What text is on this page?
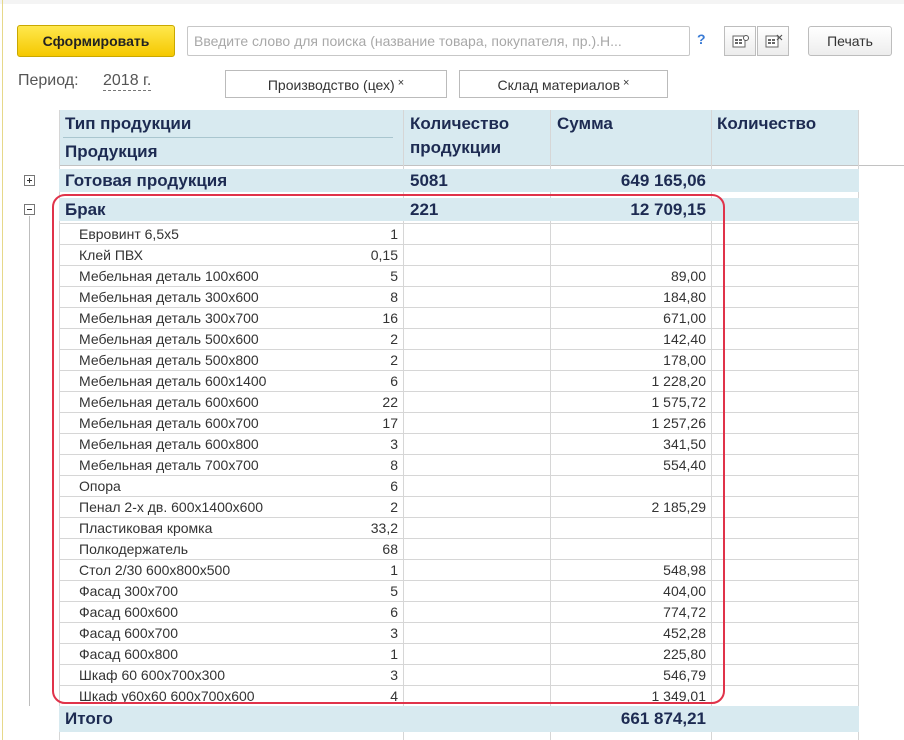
Сформировать
Введите слово для поиска (название товара, покупателя, пр.).Н...	?	Печать
Период: 2018 г.	Производство (цех) ×	Склад материалов ×
Тип продукции
Продукция
Количество
продукции
Сумма	Количество
Готовая продукция	5081	649 165,06
Брак	221	12 709,15
Евровинт 6,5х5	1
Клей ПВХ	0,15
Мебельная деталь 100х600	5	89,00
Мебельная деталь 300х600	8	184,80
Мебельная деталь 300х700	16	671,00
Мебельная деталь 500х600	2	142,40
Мебельная деталь 500х800	2	178,00
Мебельная деталь 600х1400	6	1 228,20
Мебельная деталь 600х600	22	1 575,72
Мебельная деталь 600х700	17	1 257,26
Мебельная деталь 600х800	3	341,50
Мебельная деталь 700х700	8	554,40
Опора	6
Пенал 2-х дв. 600х1400х600	2	2 185,29
Пластиковая кромка	33,2
Полкодержатель	68
Стол 2/30 600х800х500	1	548,98
Фасад 300х700	5	404,00
Фасад 600х600	6	774,72
Фасад 600х700	3	452,28
Фасад 600х800	1	225,80
Шкаф 60 600х700х300	3	546,79
Шкаф у60х60 600х700х600	4	1 349,01
Итого	661 874,21
